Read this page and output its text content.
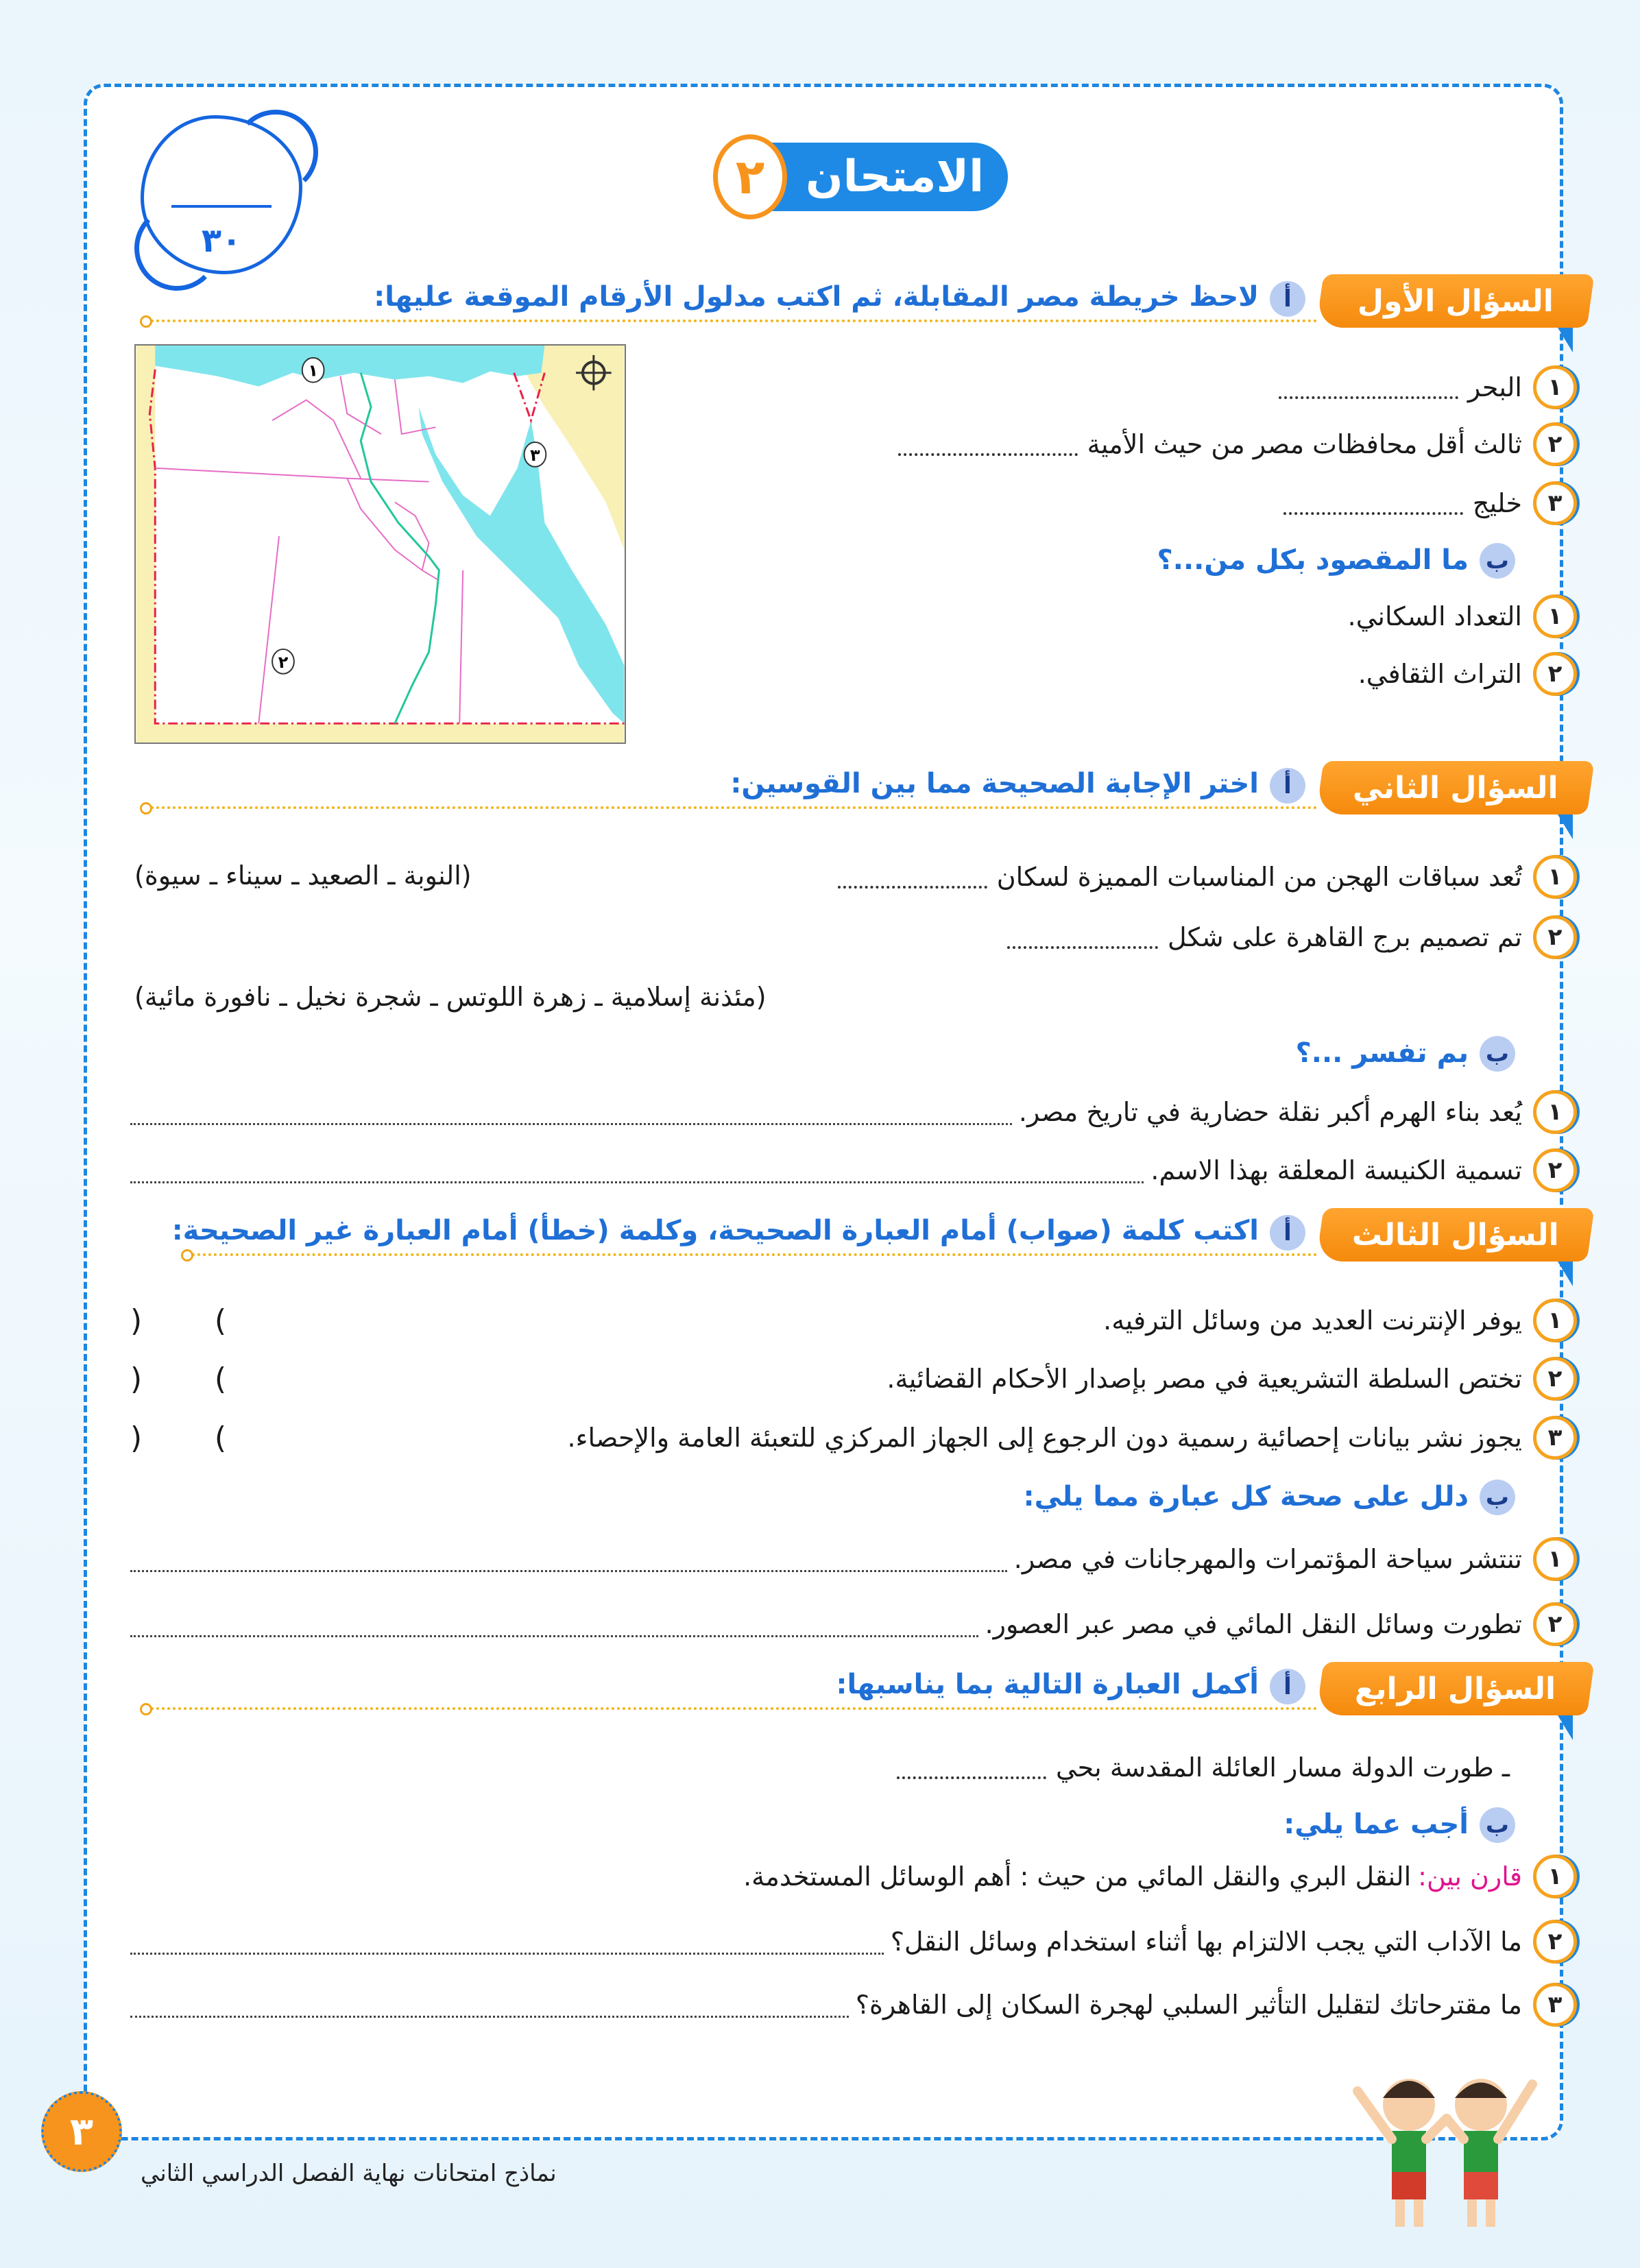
٣٠
الامتحان
٢
١
٢
٣
السؤال الأول
أ
لاحظ خريطة مصر المقابلة، ثم اكتب مدلول الأرقام الموقعة عليها:
السؤال الثاني
أ
اختر الإجابة الصحيحة مما بين القوسين:
السؤال الثالث
أ
اكتب كلمة (صواب) أمام العبارة الصحيحة، وكلمة (خطأ) أمام العبارة غير الصحيحة:
السؤال الرابع
أ
أكمل العبارة التالية بما يناسبها:
ب
ما المقصود بكل من...؟
ب
بم تفسر ...؟
ب
دلل على صحة كل عبارة مما يلي:
ب
أجب عما يلي:
١
البحر
٢
ثالث أقل محافظات مصر من حيث الأمية
٣
خليج
١
التعداد السكاني.
٢
التراث الثقافي.
١
تُعد سباقات الهجن من المناسبات المميزة لسكان
(النوبة ـ الصعيد ـ سيناء ـ سيوة)
٢
تم تصميم برج القاهرة على شكل
(مئذنة إسلامية ـ زهرة اللوتس ـ شجرة نخيل ـ نافورة مائية)
١
يُعد بناء الهرم أكبر نقلة حضارية في تاريخ مصر.
٢
تسمية الكنيسة المعلقة بهذا الاسم.
١
يوفر الإنترنت العديد من وسائل الترفيه.
)
(
٢
تختص السلطة التشريعية في مصر بإصدار الأحكام القضائية.
)
(
٣
يجوز نشر بيانات إحصائية رسمية دون الرجوع إلى الجهاز المركزي للتعبئة العامة والإحصاء.
)
(
١
تنتشر سياحة المؤتمرات والمهرجانات في مصر.
٢
تطورت وسائل النقل المائي في مصر عبر العصور.
ـ طورت الدولة مسار العائلة المقدسة بحي
١
قارن بين:
النقل البري والنقل المائي من حيث : أهم الوسائل المستخدمة.
٢
ما الآداب التي يجب الالتزام بها أثناء استخدام وسائل النقل؟
٣
ما مقترحاتك لتقليل التأثير السلبي لهجرة السكان إلى القاهرة؟
٣
نماذج امتحانات نهاية الفصل الدراسي الثاني
